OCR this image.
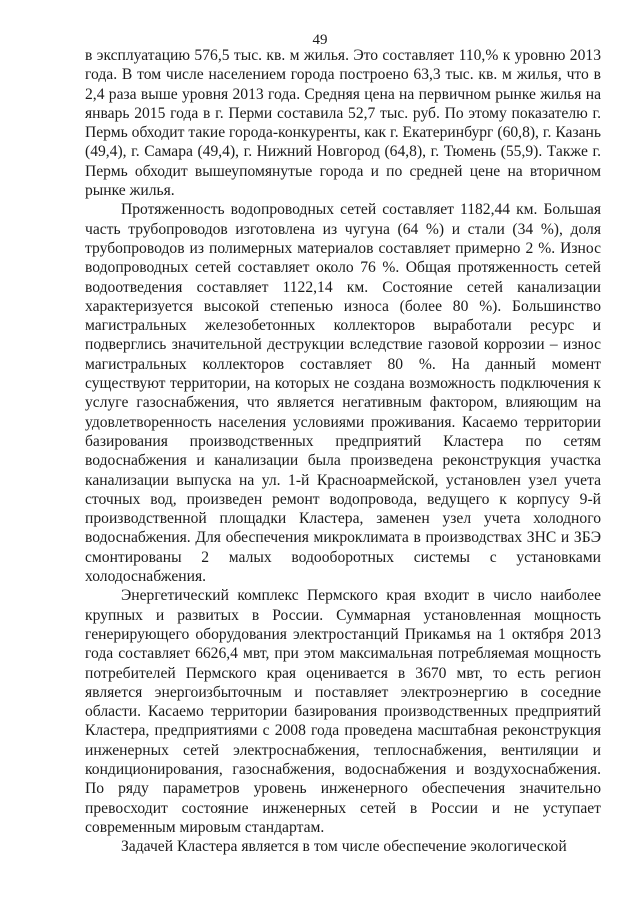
49

в эксплуатацию 576,5 тыс. кв. м жилья. Это составляет 110,% к уровню 2013 года. В том числе населением города построено 63,3 тыс. кв. м жилья, что в 2,4 раза выше уровня 2013 года. Средняя цена на первичном рынке жилья на январь 2015 года в г. Перми составила 52,7 тыс. руб. По этому показателю г. Пермь обходит такие города-конкуренты, как г. Екатеринбург (60,8), г. Казань (49,4), г. Самара (49,4), г. Нижний Новгород (64,8), г. Тюмень (55,9). Также г. Пермь обходит вышеупомянутые города и по средней цене на вторичном рынке жилья.

Протяженность водопроводных сетей составляет 1182,44 км. Большая часть трубопроводов изготовлена из чугуна (64 %) и стали (34 %), доля трубопроводов из полимерных материалов составляет примерно 2 %. Износ водопроводных сетей составляет около 76 %. Общая протяженность сетей водоотведения составляет 1122,14 км. Состояние сетей канализации характеризуется высокой степенью износа (более 80 %). Большинство магистральных железобетонных коллекторов выработали ресурс и подверглись значительной деструкции вследствие газовой коррозии – износ магистральных коллекторов составляет 80 %. На данный момент существуют территории, на которых не создана возможность подключения к услуге газоснабжения, что является негативным фактором, влияющим на удовлетворенность населения условиями проживания. Касаемо территории базирования производственных предприятий Кластера по сетям водоснабжения и канализации была произведена реконструкция участка канализации выпуска на ул. 1-й Красноармейской, установлен узел учета сточных вод, произведен ремонт водопровода, ведущего к корпусу 9-й производственной площадки Кластера, заменен узел учета холодного водоснабжения. Для обеспечения микроклимата в производствах ЗНС и ЗБЭ смонтированы 2 малых водооборотных системы с установками холодоснабжения.

Энергетический комплекс Пермского края входит в число наиболее крупных и развитых в России. Суммарная установленная мощность генерирующего оборудования электростанций Прикамья на 1 октября 2013 года составляет 6626,4 мвт, при этом максимальная потребляемая мощность потребителей Пермского края оценивается в 3670 мвт, то есть регион является энергоизбыточным и поставляет электроэнергию в соседние области. Касаемо территории базирования производственных предприятий Кластера, предприятиями с 2008 года проведена масштабная реконструкция инженерных сетей электроснабжения, теплоснабжения, вентиляции и кондиционирования, газоснабжения, водоснабжения и воздухоснабжения. По ряду параметров уровень инженерного обеспечения значительно превосходит состояние инженерных сетей в России и не уступает современным мировым стандартам.

Задачей Кластера является в том числе обеспечение экологической
